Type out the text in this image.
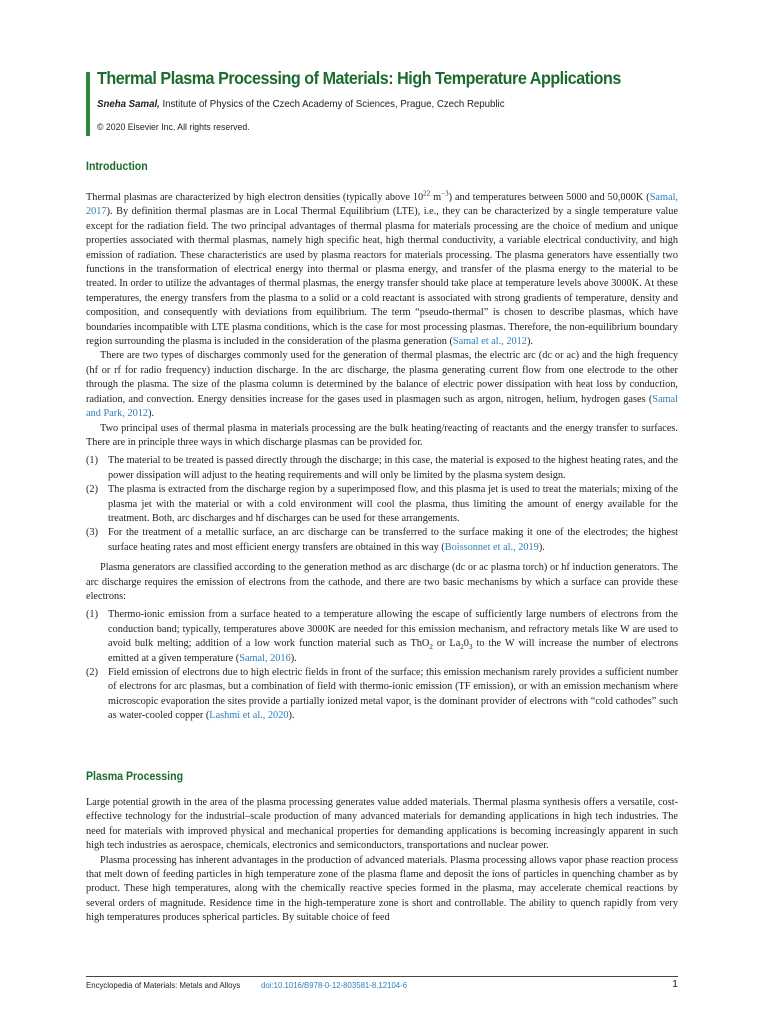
Thermal Plasma Processing of Materials: High Temperature Applications
Sneha Samal, Institute of Physics of the Czech Academy of Sciences, Prague, Czech Republic
© 2020 Elsevier Inc. All rights reserved.
Introduction

Thermal plasmas are characterized by high electron densities (typically above $10^{22}$ $m^{-3}$) and temperatures between 5000 and 50,000K (Samal, 2017). By definition thermal plasmas are in Local Thermal Equilibrium (LTE), i.e., they can be characterized by a single temperature value except for the radiation field. The two principal advantages of thermal plasma for materials processing are the choice of medium and unique properties associated with thermal plasmas, namely high specific heat, high thermal conductivity, a variable electrical conductivity, and high emission of radiation. These characteristics are used by plasma reactors for materials processing. The plasma generators have essentially two functions in the transformation of electrical energy into thermal or plasma energy, and transfer of the plasma energy to the material to be treated. In order to utilize the advantages of thermal plasmas, the energy transfer should take place at temperature levels above 3000K. At these temperatures, the energy transfers from the plasma to a solid or a cold reactant is associated with strong gradients of temperature, density and composition, and consequently with deviations from equilibrium. The term “pseudo-thermal” is chosen to describe plasmas, which have boundaries incompatible with LTE plasma conditions, which is the case for most processing plasmas. Therefore, the non-equilibrium boundary region surrounding the plasma is included in the consideration of the plasma generation (Samal et al., 2012).

There are two types of discharges commonly used for the generation of thermal plasmas, the electric arc (dc or ac) and the high frequency (hf or rf for radio frequency) induction discharge. In the arc discharge, the plasma generating current flow from one electrode to the other through the plasma. The size of the plasma column is determined by the balance of electric power dissipation with heat loss by conduction, radiation, and convection. Energy densities increase for the gases used in plasmagen such as argon, nitrogen, helium, hydrogen gases (Samal and Park, 2012).

Two principal uses of thermal plasma in materials processing are the bulk heating/reacting of reactants and the energy transfer to surfaces. There are in principle three ways in which discharge plasmas can be provided for.

(1) The material to be treated is passed directly through the discharge; in this case, the material is exposed to the highest heating rates, and the power dissipation will adjust to the heating requirements and will only be limited by the plasma system design.
(2) The plasma is extracted from the discharge region by a superimposed flow, and this plasma jet is used to treat the materials; mixing of the plasma jet with the material or with a cold environment will cool the plasma, thus limiting the amount of energy available for the treatment. Both, arc discharges and hf discharges can be used for these arrangements.
(3) For the treatment of a metallic surface, an arc discharge can be transferred to the surface making it one of the electrodes; the highest surface heating rates and most efficient energy transfers are obtained in this way (Boissonnet et al., 2019).

Plasma generators are classified according to the generation method as arc discharge (dc or ac plasma torch) or hf induction generators. The arc discharge requires the emission of electrons from the cathode, and there are two basic mechanisms by which a surface can provide these electrons:

(1) Thermo-ionic emission from a surface heated to a temperature allowing the escape of sufficiently large numbers of electrons from the conduction band; typically, temperatures above 3000K are needed for this emission mechanism, and refractory metals like W are used to avoid bulk melting; addition of a low work function material such as ThO$_2$ or $La_20_3$ to the W will increase the number of electrons emitted at a given temperature (Samal, 2016).
(2) Field emission of electrons due to high electric fields in front of the surface; this emission mechanism rarely provides a sufficient number of electrons for arc plasmas, but a combination of field with thermo-ionic emission (TF emission), or with an emission mechanism where microscopic evaporation the sites provide a partially ionized metal vapor, is the dominant provider of electrons with “cold cathodes” such as water-cooled copper (Lashmi et al., 2020).
Plasma Processing

Large potential growth in the area of the plasma processing generates value added materials. Thermal plasma synthesis offers a versatile, cost-effective technology for the industrial–scale production of many advanced materials for demanding applications in high tech industries. The need for materials with improved physical and mechanical properties for demanding applications is becoming increasingly apparent in such high tech industries as aerospace, chemicals, electronics and semiconductors, transportations and nuclear power.

Plasma processing has inherent advantages in the production of advanced materials. Plasma processing allows vapor phase reaction process that melt down of feeding particles in high temperature zone of the plasma flame and deposit the ions of particles in quenching chamber as by product. These high temperatures, along with the chemically reactive species formed in the plasma, may accelerate chemical reactions by several orders of magnitude. Residence time in the high-temperature zone is short and controllable. The ability to quench rapidly from very high temperatures produces spherical particles. By suitable choice of feed

Encyclopedia of Materials: Metals and Alloys doi:10.1016/B978-0-12-803581-8.12104-6	1
